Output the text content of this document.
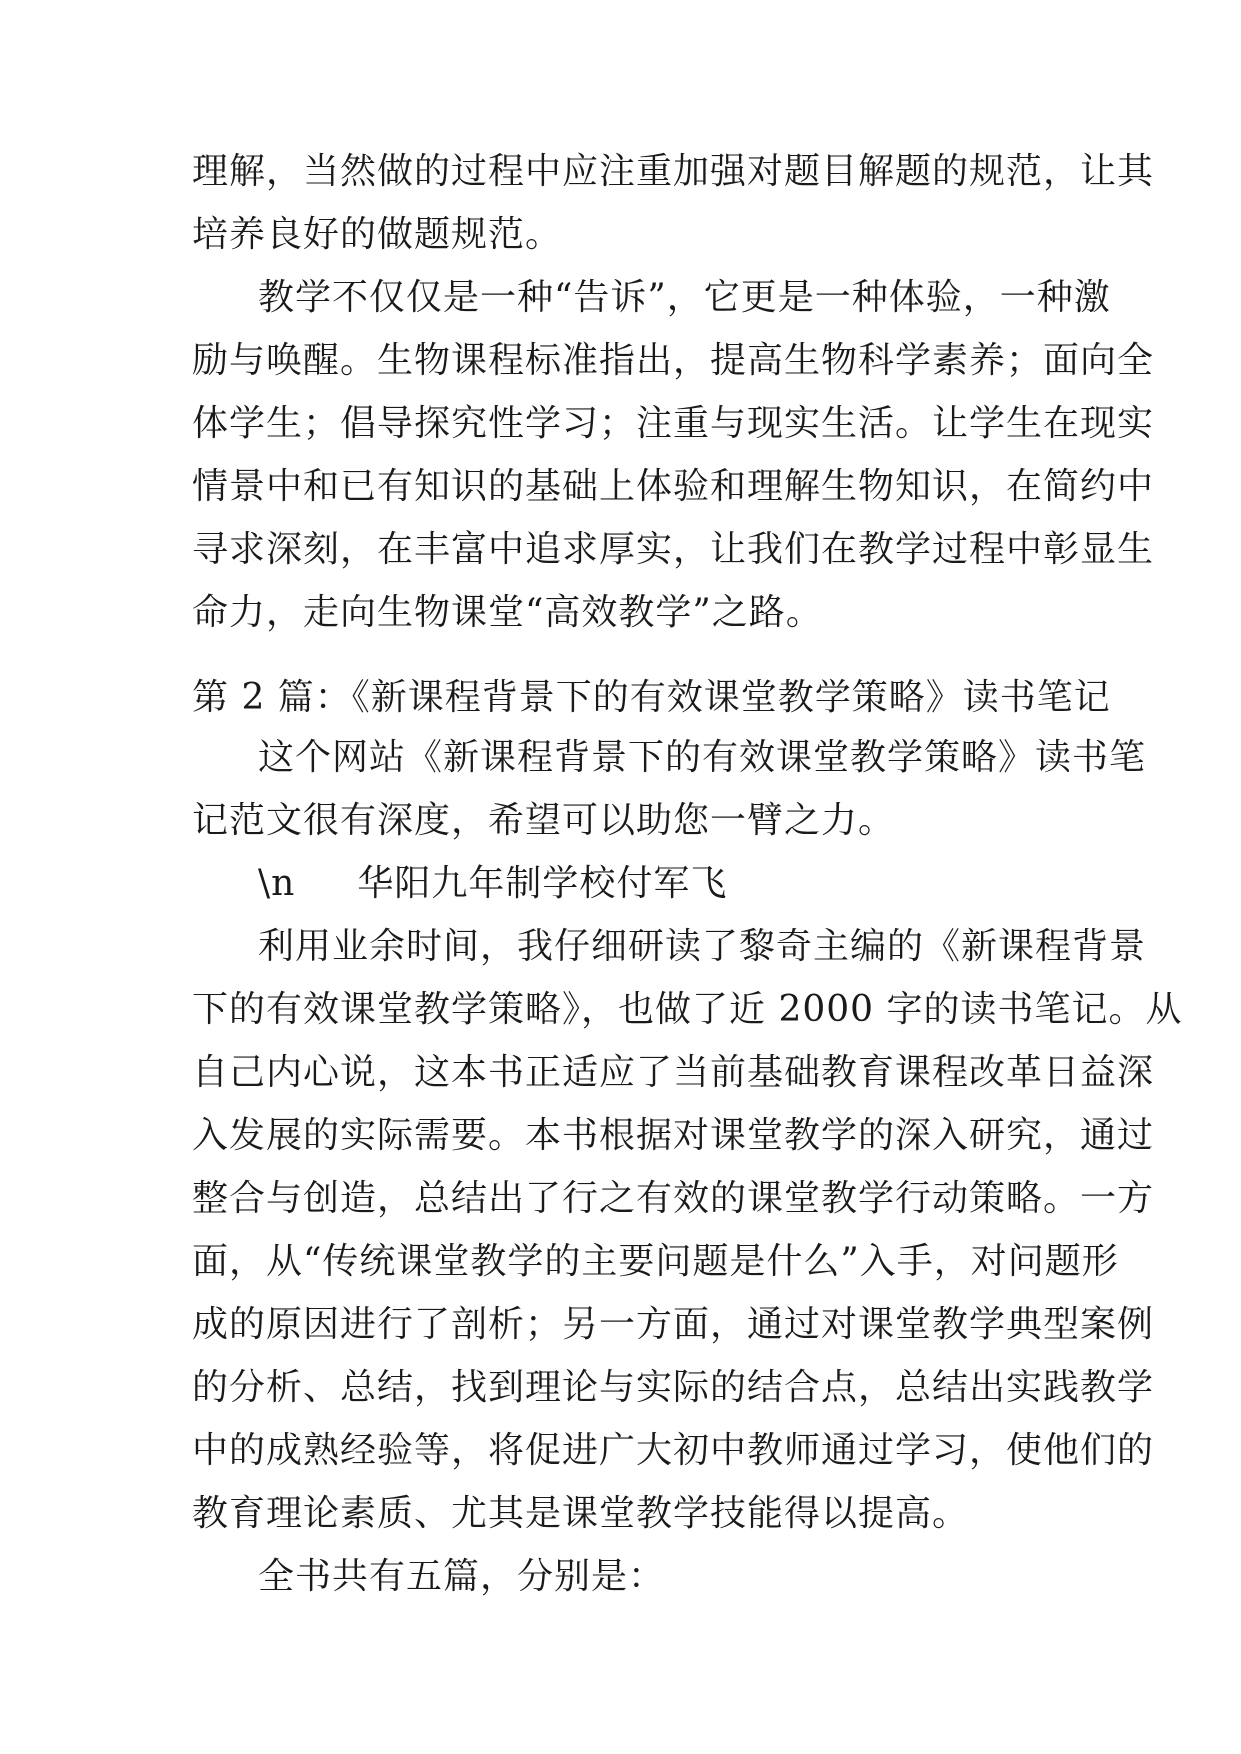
理解，当然做的过程中应注重加强对题目解题的规范，让其
培养良好的做题规范。
教学不仅仅是一种“告诉”，它更是一种体验，一种激
励与唤醒。生物课程标准指出，提高生物科学素养；面向全
体学生；倡导探究性学习；注重与现实生活。让学生在现实
情景中和已有知识的基础上体验和理解生物知识，在简约中
寻求深刻，在丰富中追求厚实，让我们在教学过程中彰显生
命力，走向生物课堂“高效教学”之路。
第 2 篇：《新课程背景下的有效课堂教学策略》读书笔记
这个网站《新课程背景下的有效课堂教学策略》读书笔
记范文很有深度，希望可以助您一臂之力。
\n 华阳九年制学校付军飞
利用业余时间，我仔细研读了黎奇主编的《新课程背景
下的有效课堂教学策略》，也做了近 2000 字的读书笔记。从
自己内心说，这本书正适应了当前基础教育课程改革日益深
入发展的实际需要。本书根据对课堂教学的深入研究，通过
整合与创造，总结出了行之有效的课堂教学行动策略。一方
面，从“传统课堂教学的主要问题是什么”入手，对问题形
成的原因进行了剖析；另一方面，通过对课堂教学典型案例
的分析、总结，找到理论与实际的结合点，总结出实践教学
中的成熟经验等，将促进广大初中教师通过学习，使他们的
教育理论素质、尤其是课堂教学技能得以提高。
全书共有五篇，分别是：
